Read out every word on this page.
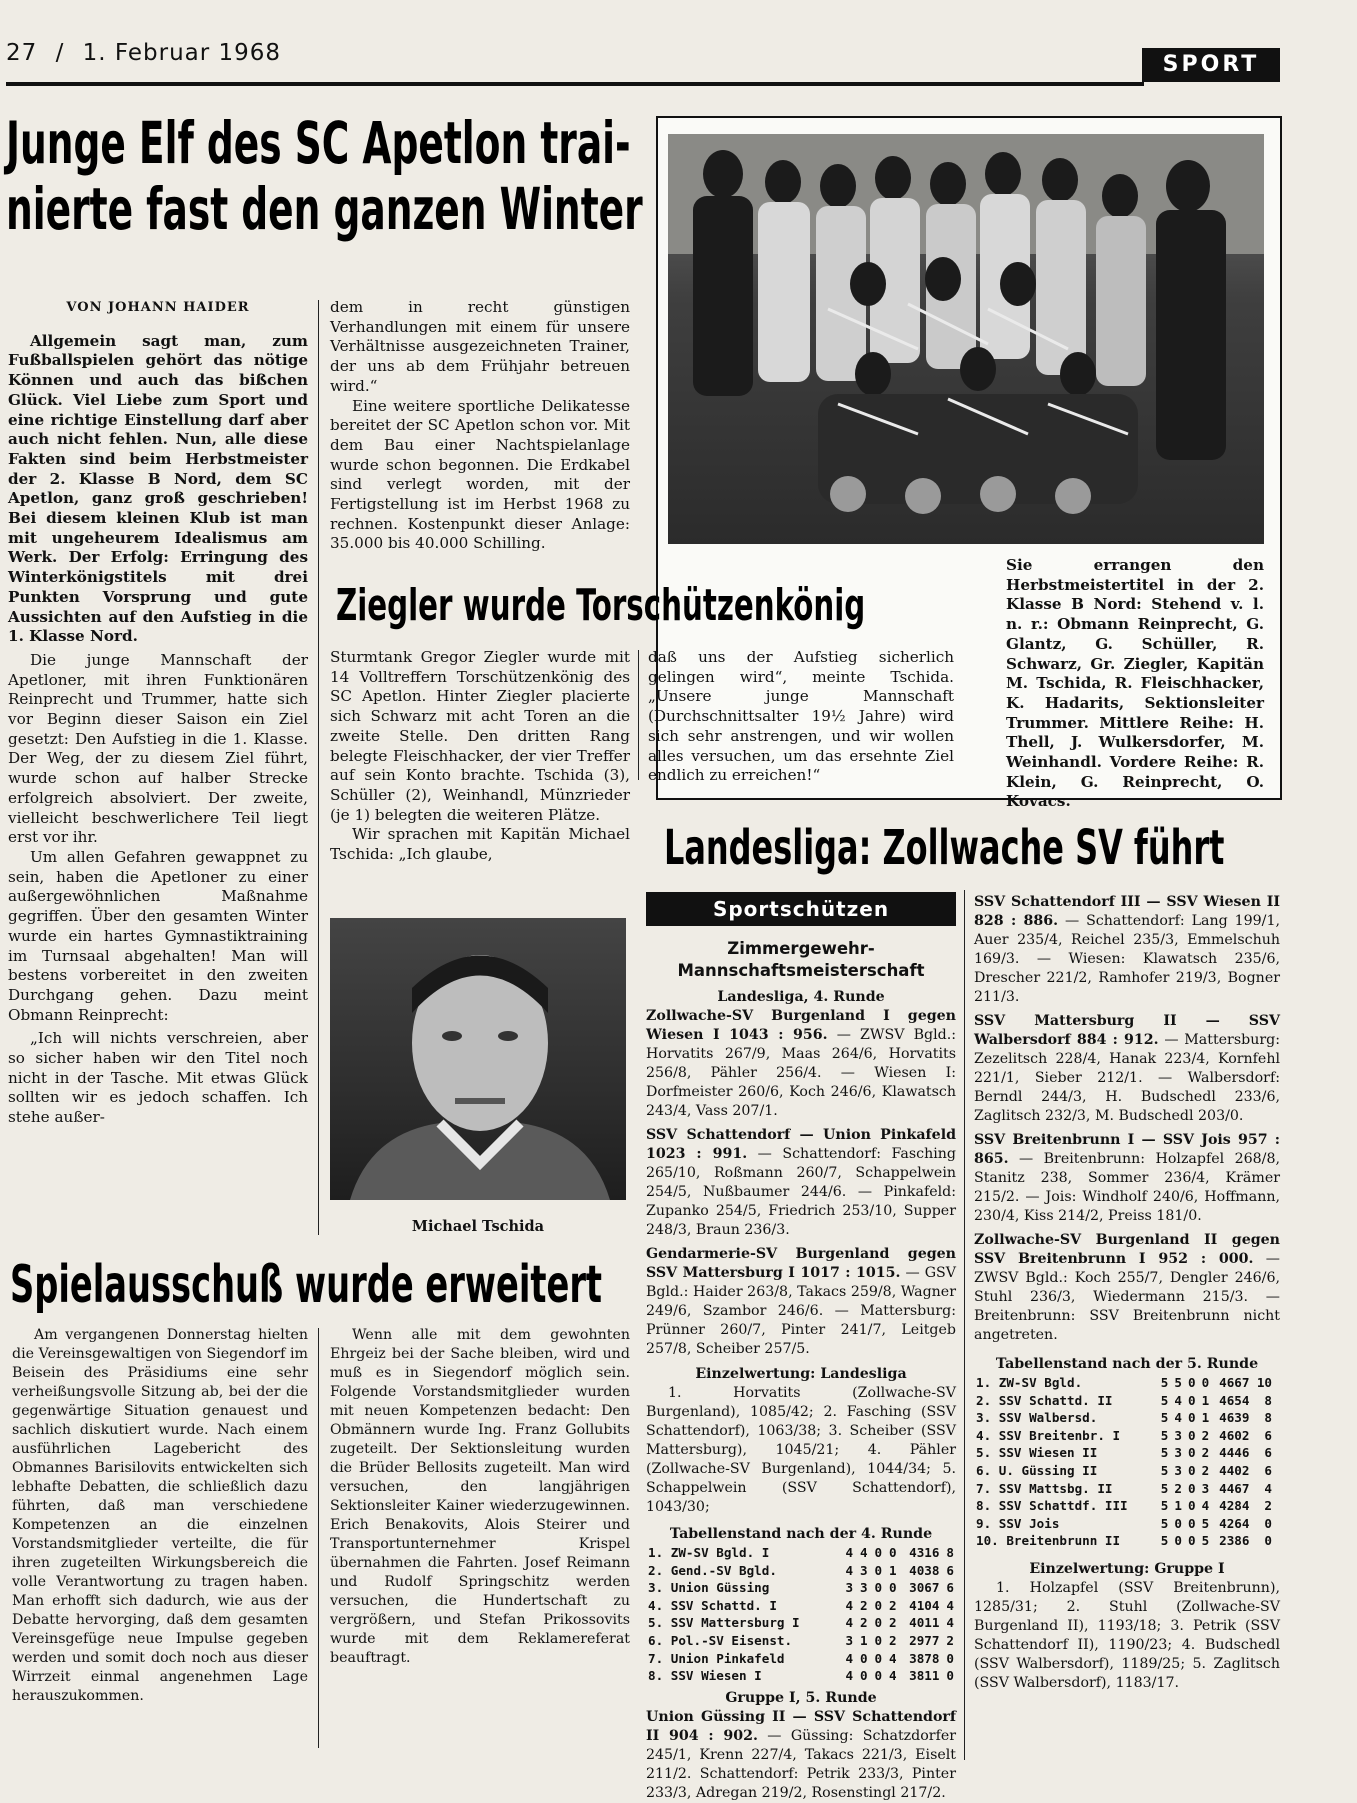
27 / 1. Februar 1968	SPORT
Junge Elf des SC Apetlon trai-
nierte fast den ganzen Winter
VON JOHANN HAIDER

Allgemein sagt man, zum Fußballspielen gehört das nötige Können und auch das bißchen Glück. Viel Liebe zum Sport und eine richtige Einstellung darf aber auch nicht fehlen. Nun, alle diese Fakten sind beim Herbstmeister der 2. Klasse B Nord, dem SC Apetlon, ganz groß geschrieben! Bei diesem kleinen Klub ist man mit ungeheurem Idealismus am Werk. Der Erfolg: Erringung des Winterkönigstitels mit drei Punkten Vorsprung und gute Aussichten auf den Aufstieg in die 1. Klasse Nord.

Die junge Mannschaft der Apetloner, mit ihren Funktionären Reinprecht und Trummer, hatte sich vor Beginn dieser Saison ein Ziel gesetzt: Den Aufstieg in die 1. Klasse. Der Weg, der zu diesem Ziel führt, wurde schon auf halber Strecke erfolgreich absolviert. Der zweite, vielleicht beschwerlichere Teil liegt erst vor ihr.

Um allen Gefahren gewappnet zu sein, haben die Apetloner zu einer außergewöhnlichen Maßnahme gegriffen. Über den gesamten Winter wurde ein hartes Gymnastiktraining im Turnsaal abgehalten! Man will bestens vorbereitet in den zweiten Durchgang gehen. Dazu meint Obmann Reinprecht:

„Ich will nichts verschreien, aber so sicher haben wir den Titel noch nicht in der Tasche. Mit etwas Glück sollten wir es jedoch schaffen. Ich stehe außer-

dem in recht günstigen Verhandlungen mit einem für unsere Verhältnisse ausgezeichneten Trainer, der uns ab dem Frühjahr betreuen wird.“

Eine weitere sportliche Delikatesse bereitet der SC Apetlon schon vor. Mit dem Bau einer Nachtspielanlage wurde schon begonnen. Die Erdkabel sind verlegt worden, mit der Fertigstellung ist im Herbst 1968 zu rechnen. Kostenpunkt dieser Anlage: 35.000 bis 40.000 Schilling.

Sie errangen den Herbstmeistertitel in der 2. Klasse B Nord: Stehend v. l. n. r.: Obmann Reinprecht, G. Glantz, G. Schüller, R. Schwarz, Gr. Ziegler, Kapitän M. Tschida, R. Fleischhacker, K. Hadarits, Sektionsleiter Trummer. Mittlere Reihe: H. Thell, J. Wulkersdorfer, M. Weinhandl. Vordere Reihe: R. Klein, G. Reinprecht, O. Kovacs.
Ziegler wurde Torschützenkönig

Sturmtank Gregor Ziegler wurde mit 14 Volltreffern Torschützenkönig des SC Apetlon. Hinter Ziegler placierte sich Schwarz mit acht Toren an die zweite Stelle. Den dritten Rang belegte Fleischhacker, der vier Treffer auf sein Konto brachte. Tschida (3), Schüller (2), Weinhandl, Münzrieder (je 1) belegten die weiteren Plätze.

Wir sprachen mit Kapitän Michael Tschida: „Ich glaube,

daß uns der Aufstieg sicherlich gelingen wird“, meinte Tschida. „Unsere junge Mannschaft (Durchschnittsalter 19½ Jahre) wird sich sehr anstrengen, und wir wollen alles versuchen, um das ersehnte Ziel endlich zu erreichen!“

Michael Tschida
Spielausschuß wurde erweitert

Am vergangenen Donnerstag hielten die Vereinsgewaltigen von Siegendorf im Beisein des Präsidiums eine sehr verheißungsvolle Sitzung ab, bei der die gegenwärtige Situation genauest und sachlich diskutiert wurde. Nach einem ausführlichen Lagebericht des Obmannes Barisilovits entwickelten sich lebhafte Debatten, die schließlich dazu führten, daß man verschiedene Kompetenzen an die einzelnen Vorstandsmitglieder verteilte, die für ihren zugeteilten Wirkungsbereich die volle Verantwortung zu tragen haben. Man erhofft sich dadurch, wie aus der Debatte hervorging, daß dem gesamten Vereinsgefüge neue Impulse gegeben werden und somit doch noch aus dieser Wirrzeit einmal angenehmen Lage herauszukommen.

Wenn alle mit dem gewohnten Ehrgeiz bei der Sache bleiben, wird und muß es in Siegendorf möglich sein. Folgende Vorstandsmitglieder wurden mit neuen Kompetenzen bedacht: Den Obmännern wurde Ing. Franz Gollubits zugeteilt. Der Sektionsleitung wurden die Brüder Bellosits zugeteilt. Man wird versuchen, den langjährigen Sektionsleiter Kainer wiederzugewinnen. Erich Benakovits, Alois Steirer und Transportunternehmer Krispel übernahmen die Fahrten. Josef Reimann und Rudolf Springschitz werden versuchen, die Hundertschaft zu vergrößern, und Stefan Prikossovits wurde mit dem Reklamereferat beauftragt.

Landesliga: Zollwache SV führt
Sportschützen
Zimmergewehr-
Mannschaftsmeisterschaft
Landesliga, 4. Runde
Zollwache-SV Burgenland I gegen Wiesen I 1043 : 956. — ZWSV Bgld.: Horvatits 267/9, Maas 264/6, Horvatits 256/8, Pähler 256/4. — Wiesen I: Dorfmeister 260/6, Koch 246/6, Klawatsch 243/4, Vass 207/1.
SSV Schattendorf — Union Pinkafeld 1023 : 991. — Schattendorf: Fasching 265/10, Roßmann 260/7, Schappelwein 254/5, Nußbaumer 244/6. — Pinkafeld: Zupanko 254/5, Friedrich 253/10, Supper 248/3, Braun 236/3.
Gendarmerie-SV Burgenland gegen SSV Mattersburg I 1017 : 1015. — GSV Bgld.: Haider 263/8, Takacs 259/8, Wagner 249/6, Szambor 246/6. — Mattersburg: Prünner 260/7, Pinter 241/7, Leitgeb 257/8, Scheiber 257/5.
Einzelwertung: Landesliga
1. Horvatits (Zollwache-SV Burgenland), 1085/42; 2. Fasching (SSV Schattendorf), 1063/38; 3. Scheiber (SSV Mattersburg), 1045/21; 4. Pähler (Zollwache-SV Burgenland), 1044/34; 5. Schappelwein (SSV Schattendorf), 1043/30;
Tabellenstand nach der 4. Runde
1. ZW-SV Bgld. I	4	4	0	0	4316	8
2. Gend.-SV Bgld.	4	3	0	1	4038	6
3. Union Güssing	3	3	0	0	3067	6
4. SSV Schattd. I	4	2	0	2	4104	4
5. SSV Mattersburg I	4	2	0	2	4011	4
6. Pol.-SV Eisenst.	3	1	0	2	2977	2
7. Union Pinkafeld	4	0	0	4	3878	0
8. SSV Wiesen I	4	0	0	4	3811	0
Gruppe I, 5. Runde
Union Güssing II — SSV Schattendorf II 904 : 902. — Güssing: Schatzdorfer 245/1, Krenn 227/4, Takacs 221/3, Eiselt 211/2. Schattendorf: Petrik 233/3, Pinter 233/3, Adregan 219/2, Rosenstingl 217/2.
SSV Schattendorf III — SSV Wiesen II 828 : 886. — Schattendorf: Lang 199/1, Auer 235/4, Reichel 235/3, Emmelschuh 169/3. — Wiesen: Klawatsch 235/6, Drescher 221/2, Ramhofer 219/3, Bogner 211/3.
SSV Mattersburg II — SSV Walbersdorf 884 : 912. — Mattersburg: Zezelitsch 228/4, Hanak 223/4, Kornfehl 221/1, Sieber 212/1. — Walbersdorf: Berndl 244/3, H. Budschedl 233/6, Zaglitsch 232/3, M. Budschedl 203/0.
SSV Breitenbrunn I — SSV Jois 957 : 865. — Breitenbrunn: Holzapfel 268/8, Stanitz 238, Sommer 236/4, Krämer 215/2. — Jois: Windholf 240/6, Hoffmann, 230/4, Kiss 214/2, Preiss 181/0.
Zollwache-SV Burgenland II gegen SSV Breitenbrunn I 952 : 000. — ZWSV Bgld.: Koch 255/7, Dengler 246/6, Stuhl 236/3, Wiedermann 215/3. — Breitenbrunn: SSV Breitenbrunn nicht angetreten.
Tabellenstand nach der 5. Runde
1. ZW-SV Bgld.	5	5	0	0	4667	10
2. SSV Schattd. II	5	4	0	1	4654	8
3. SSV Walbersd.	5	4	0	1	4639	8
4. SSV Breitenbr. I	5	3	0	2	4602	6
5. SSV Wiesen II	5	3	0	2	4446	6
6. U. Güssing II	5	3	0	2	4402	6
7. SSV Mattsbg. II	5	2	0	3	4467	4
8. SSV Schattdf. III	5	1	0	4	4284	2
9. SSV Jois	5	0	0	5	4264	0
10. Breitenbrunn II	5	0	0	5	2386	0
Einzelwertung: Gruppe I
1. Holzapfel (SSV Breitenbrunn), 1285/31; 2. Stuhl (Zollwache-SV Burgenland II), 1193/18; 3. Petrik (SSV Schattendorf II), 1190/23; 4. Budschedl (SSV Walbersdorf), 1189/25; 5. Zaglitsch (SSV Walbersdorf), 1183/17.
